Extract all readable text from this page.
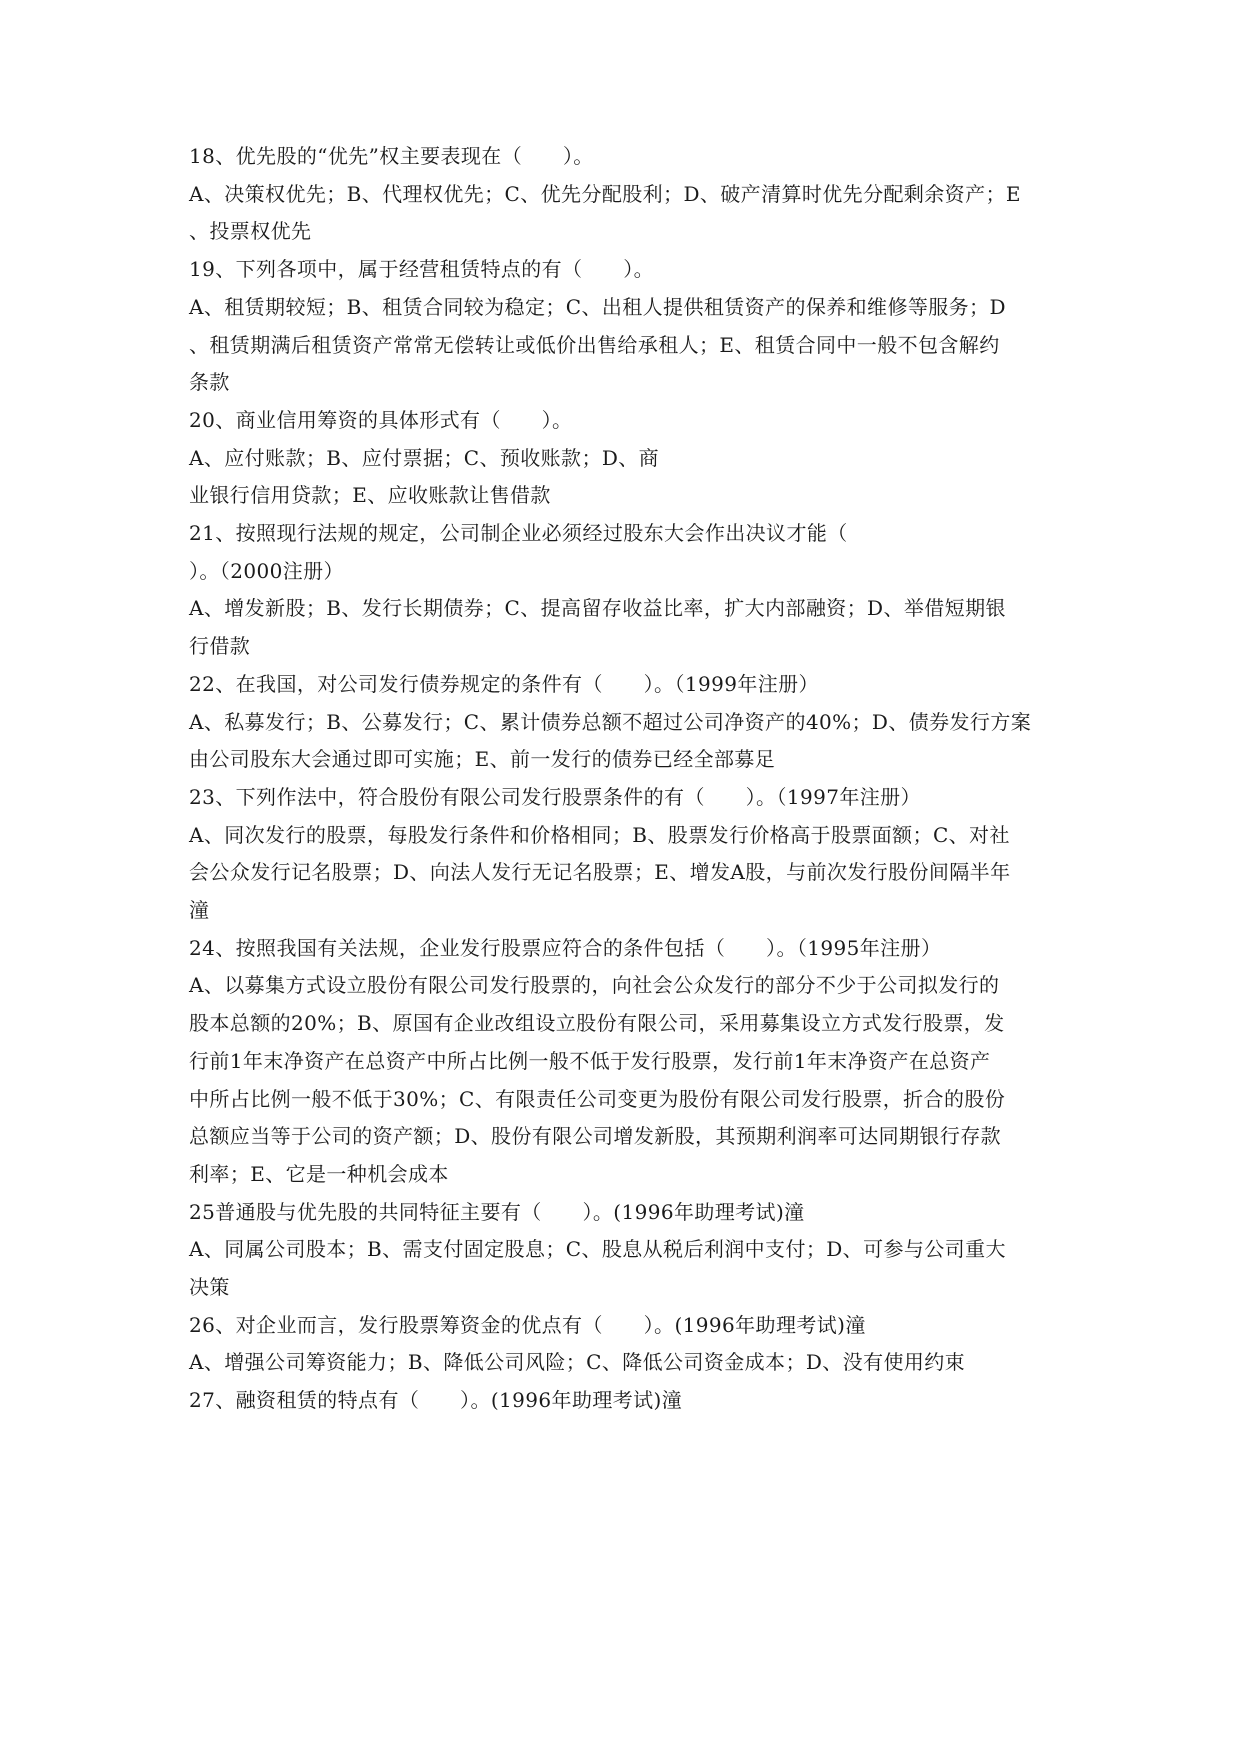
18、优先股的“优先”权主要表现在（　　）。
A、决策权优先；B、代理权优先；C、优先分配股利；D、破产清算时优先分配剩余资产；E
、投票权优先
19、下列各项中，属于经营租赁特点的有（　　）。
A、租赁期较短；B、租赁合同较为稳定；C、出租人提供租赁资产的保养和维修等服务；D
、租赁期满后租赁资产常常无偿转让或低价出售给承租人；E、租赁合同中一般不包含解约
条款
20、商业信用筹资的具体形式有（　　）。
A、应付账款；B、应付票据；C、预收账款；D、商
业银行信用贷款；E、应收账款让售借款
21、按照现行法规的规定，公司制企业必须经过股东大会作出决议才能（
）。（2000注册）
A、增发新股；B、发行长期债券；C、提高留存收益比率，扩大内部融资；D、举借短期银
行借款
22、在我国，对公司发行债券规定的条件有（　　）。（1999年注册）
A、私募发行；B、公募发行；C、累计债券总额不超过公司净资产的40%；D、债券发行方案
由公司股东大会通过即可实施；E、前一发行的债券已经全部募足
23、下列作法中，符合股份有限公司发行股票条件的有（　　）。（1997年注册）
A、同次发行的股票，每股发行条件和价格相同；B、股票发行价格高于股票面额；C、对社
会公众发行记名股票；D、向法人发行无记名股票；E、增发A股，与前次发行股份间隔半年
潼
24、按照我国有关法规，企业发行股票应符合的条件包括（　　）。（1995年注册）
A、以募集方式设立股份有限公司发行股票的，向社会公众发行的部分不少于公司拟发行的
股本总额的20%；B、原国有企业改组设立股份有限公司，采用募集设立方式发行股票，发
行前1年末净资产在总资产中所占比例一般不低于发行股票，发行前1年末净资产在总资产
中所占比例一般不低于30%；C、有限责任公司变更为股份有限公司发行股票，折合的股份
总额应当等于公司的资产额；D、股份有限公司增发新股，其预期利润率可达同期银行存款
利率；E、它是一种机会成本
25普通股与优先股的共同特征主要有（　　）。(1996年助理考试)潼
A、同属公司股本；B、需支付固定股息；C、股息从税后利润中支付；D、可参与公司重大
决策
26、对企业而言，发行股票筹资金的优点有（　　）。(1996年助理考试)潼
A、增强公司筹资能力；B、降低公司风险；C、降低公司资金成本；D、没有使用约束
27、融资租赁的特点有（　　）。(1996年助理考试)潼
